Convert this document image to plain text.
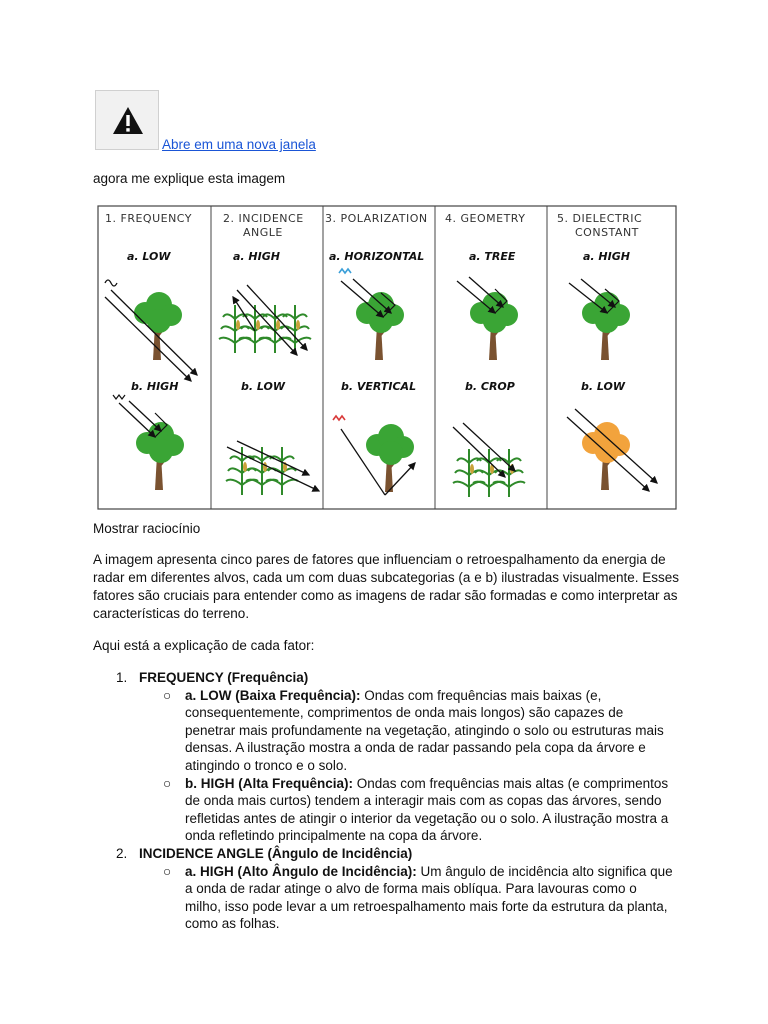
Abre em uma nova janela
agora me explique esta imagem
1. FREQUENCY	2. INCIDENCE
ANGLE
3. POLARIZATION 4. GEOMETRY	5. DIELECTRIC
CONSTANT
a. LOW	a. HIGH	a. HORIZONTAL	a. TREE	a. HIGH
b. HIGH	b. LOW	b. VERTICAL	b. CROP	b. LOW
Mostrar raciocínio
A imagem apresenta cinco pares de fatores que influenciam o retroespalhamento da energia de radar em diferentes alvos, cada um com duas subcategorias (a e b) ilustradas visualmente. Esses fatores são cruciais para entender como as imagens de radar são formadas e como interpretar as características do terreno.
Aqui está a explicação de cada fator:
1. FREQUENCY (Frequência)
○ a. LOW (Baixa Frequência): Ondas com frequências mais baixas (e, consequentemente, comprimentos de onda mais longos) são capazes de penetrar mais profundamente na vegetação, atingindo o solo ou estruturas mais densas. A ilustração mostra a onda de radar passando pela copa da árvore e atingindo o tronco e o solo.
○ b. HIGH (Alta Frequência): Ondas com frequências mais altas (e comprimentos de onda mais curtos) tendem a interagir mais com as copas das árvores, sendo refletidas antes de atingir o interior da vegetação ou o solo. A ilustração mostra a onda refletindo principalmente na copa da árvore.
2. INCIDENCE ANGLE (Ângulo de Incidência)
○ a. HIGH (Alto Ângulo de Incidência): Um ângulo de incidência alto significa que a onda de radar atinge o alvo de forma mais oblíqua. Para lavouras como o milho, isso pode levar a um retroespalhamento mais forte da estrutura da planta, como as folhas.
